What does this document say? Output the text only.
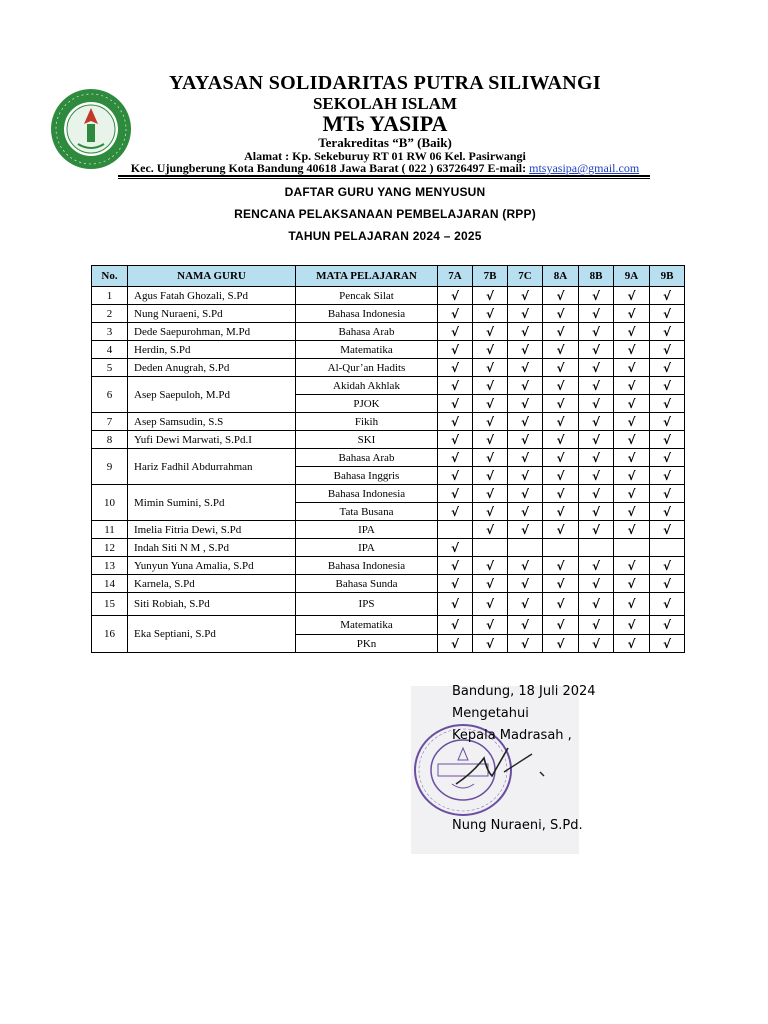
YAYASAN SOLIDARITAS PUTRA SILIWANGI
SEKOLAH ISLAM
MTs YASIPA
Terakreditas “B” (Baik)
Alamat : Kp. Sekeburuy RT 01 RW 06 Kel. Pasirwangi
Kec. Ujungberung Kota Bandung 40618 Jawa Barat ( 022 ) 63726497 E-mail: mtsyasipa@gmail.com
DAFTAR GURU YANG MENYUSUN
RENCANA PELAKSANAAN PEMBELAJARAN (RPP)
TAHUN PELAJARAN 2024 – 2025
No.	NAMA GURU	MATA PELAJARAN	7A	7B	7C	8A	8B	9A	9B
1	Agus Fatah Ghozali, S.Pd	Pencak Silat	√	√	√	√	√	√	√
2	Nung Nuraeni, S.Pd	Bahasa Indonesia	√	√	√	√	√	√	√
3	Dede Saepurohman, M.Pd	Bahasa Arab	√	√	√	√	√	√	√
4	Herdin, S.Pd	Matematika	√	√	√	√	√	√	√
5	Deden Anugrah, S.Pd	Al-Qur’an Hadits	√	√	√	√	√	√	√
6	Asep Saepuloh, M.Pd	Akidah Akhlak	√	√	√	√	√	√	√
		PJOK	√	√	√	√	√	√	√
7	Asep Samsudin, S.S	Fikih	√	√	√	√	√	√	√
8	Yufi Dewi Marwati, S.Pd.I	SKI	√	√	√	√	√	√	√
9	Hariz Fadhil Abdurrahman	Bahasa Arab	√	√	√	√	√	√	√
		Bahasa Inggris	√	√	√	√	√	√	√
10	Mimin Sumini, S.Pd	Bahasa Indonesia	√	√	√	√	√	√	√
		Tata Busana	√	√	√	√	√	√	√
11	Imelia Fitria Dewi, S.Pd	IPA		√	√	√	√	√	√
12	Indah Siti N M , S.Pd	IPA	√						
13	Yunyun Yuna Amalia, S.Pd	Bahasa Indonesia	√	√	√	√	√	√	√
14	Karnela, S.Pd	Bahasa Sunda	√	√	√	√	√	√	√
15	Siti Robiah, S.Pd	IPS	√	√	√	√	√	√	√
16	Eka Septiani, S.Pd	Matematika	√	√	√	√	√	√	√
		PKn	√	√	√	√	√	√	√
Bandung, 18 Juli 2024
Mengetahui
Kepala Madrasah ,
Nung Nuraeni, S.Pd.
